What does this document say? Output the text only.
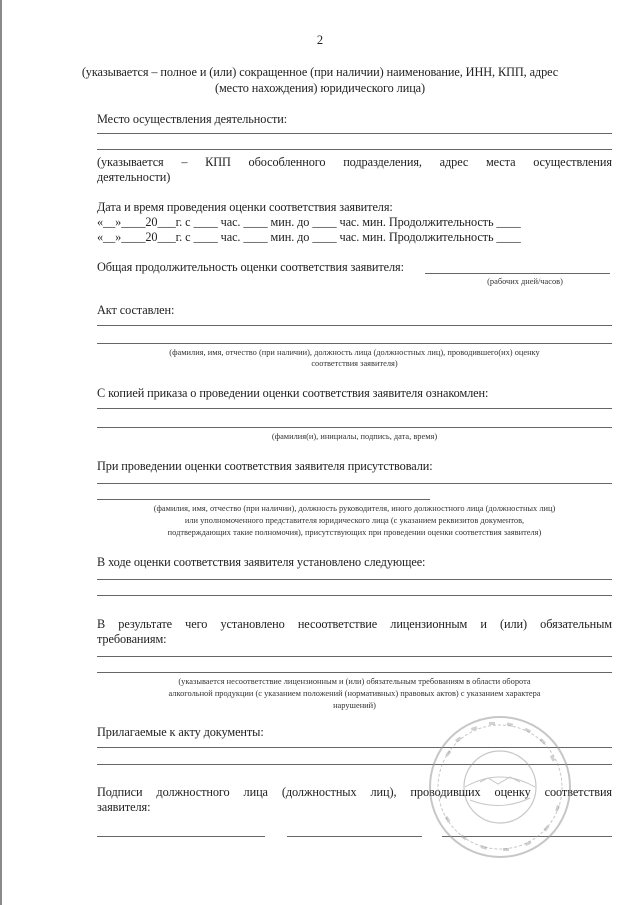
2
(указывается – полное и (или) сокращенное (при наличии) наименование, ИНН, КПП, адрес
(место нахождения) юридического лица)
Место осуществления деятельности:
(указывается – КПП обособленного подразделения, адрес места осуществления
деятельности)
Дата и время проведения оценки соответствия заявителя:
«__»____20___г. с ____ час. ____ мин. до ____ час. мин. Продолжительность ____
«__»____20___г. с ____ час. ____ мин. до ____ час. мин. Продолжительность ____
Общая продолжительность оценки соответствия заявителя:
(рабочих дней/часов)
Акт составлен:
(фамилия, имя, отчество (при наличии), должность лица (должностных лиц), проводившего(их) оценку
соответствия заявителя)
С копией приказа о проведении оценки соответствия заявителя ознакомлен:
(фамилия(и), инициалы, подпись, дата, время)
При проведении оценки соответствия заявителя присутствовали:
(фамилия, имя, отчество (при наличии), должность руководителя, иного должностного лица (должностных лиц)
или уполномоченного представителя юридического лица (с указанием реквизитов документов,
подтверждающих такие полномочия), присутствующих при проведении оценки соответствия заявителя)
В ходе оценки соответствия заявителя установлено следующее:
В результате чего установлено несоответствие лицензионным и (или) обязательным
требованиям:
(указывается несоответствие лицензионным и (или) обязательным требованиям в области оборота
алкогольной продукции (с указанием положений (нормативных) правовых актов) с указанием характера
нарушений)
Прилагаемые к акту документы:
Подписи должностного лица (должностных лиц), проводивших оценку соответствия
заявителя:
